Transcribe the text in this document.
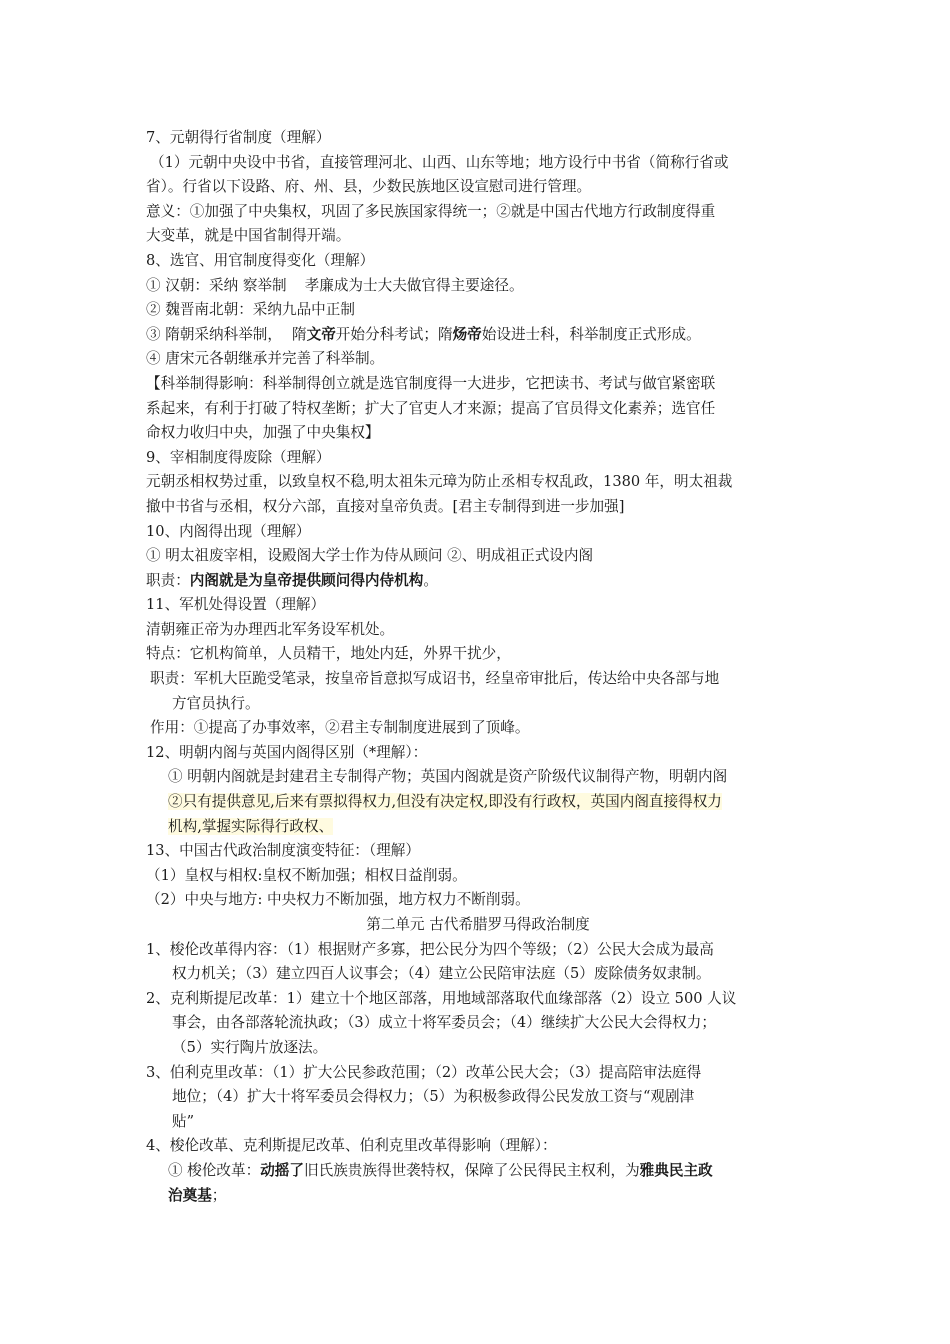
7、元朝得行省制度（理解）

（1）元朝中央设中书省，直接管理河北、山西、山东等地；地方设行中书省（简称行省或

省）。行省以下设路、府、州、县，少数民族地区设宣慰司进行管理。

意义：①加强了中央集权，巩固了多民族国家得统一；②就是中国古代地方行政制度得重

大变革，就是中国省制得开端。

8、选官、用官制度得变化（理解）

① 汉朝：采纳 察举制 孝廉成为士大夫做官得主要途径。

② 魏晋南北朝：采纳九品中正制

③ 隋朝采纳科举制， 隋文帝开始分科考试；隋炀帝始设进士科，科举制度正式形成。

④ 唐宋元各朝继承并完善了科举制。

【科举制得影响：科举制得创立就是选官制度得一大进步，它把读书、考试与做官紧密联

系起来，有利于打破了特权垄断；扩大了官吏人才来源；提高了官员得文化素养；选官任

命权力收归中央，加强了中央集权】

9、宰相制度得废除（理解）

元朝丞相权势过重，以致皇权不稳,明太祖朱元璋为防止丞相专权乱政，1380 年，明太祖裁

撤中书省与丞相，权分六部，直接对皇帝负责。[君主专制得到进一步加强]

10、内阁得出现（理解）

① 明太祖废宰相，设殿阁大学士作为侍从顾问 ②、明成祖正式设内阁

职责：内阁就是为皇帝提供顾问得内侍机构。

11、军机处得设置（理解）

清朝雍正帝为办理西北军务设军机处。

特点：它机构简单，人员精干，地处内廷，外界干扰少，

职责：军机大臣跪受笔录，按皇帝旨意拟写成诏书，经皇帝审批后，传达给中央各部与地

方官员执行。

作用：①提高了办事效率，②君主专制制度进展到了顶峰。

12、明朝内阁与英国内阁得区别（*理解）：

① 明朝内阁就是封建君主专制得产物；英国内阁就是资产阶级代议制得产物，明朝内阁

②只有提供意见,后来有票拟得权力,但没有决定权,即没有行政权，英国内阁直接得权力

机构,掌握实际得行政权、

13、中国古代政治制度演变特征：（理解）

（1）皇权与相权:皇权不断加强；相权日益削弱。

（2）中央与地方: 中央权力不断加强，地方权力不断削弱。

第二单元 古代希腊罗马得政治制度

1、梭伦改革得内容：（1）根据财产多寡，把公民分为四个等级；（2）公民大会成为最高

权力机关；（3）建立四百人议事会；（4）建立公民陪审法庭（5）废除债务奴隶制。

2、克利斯提尼改革：1）建立十个地区部落，用地域部落取代血缘部落（2）设立 500 人议

事会，由各部落轮流执政；（3）成立十将军委员会；（4）继续扩大公民大会得权力；

（5）实行陶片放逐法。

3、伯利克里改革：（1）扩大公民参政范围；（2）改革公民大会；（3）提高陪审法庭得

地位；（4）扩大十将军委员会得权力；（5）为积极参政得公民发放工资与“观剧津

贴”

4、梭伦改革、克利斯提尼改革、伯利克里改革得影响（理解）：

① 梭伦改革：动摇了旧氏族贵族得世袭特权，保障了公民得民主权利，为雅典民主政

治奠基；
